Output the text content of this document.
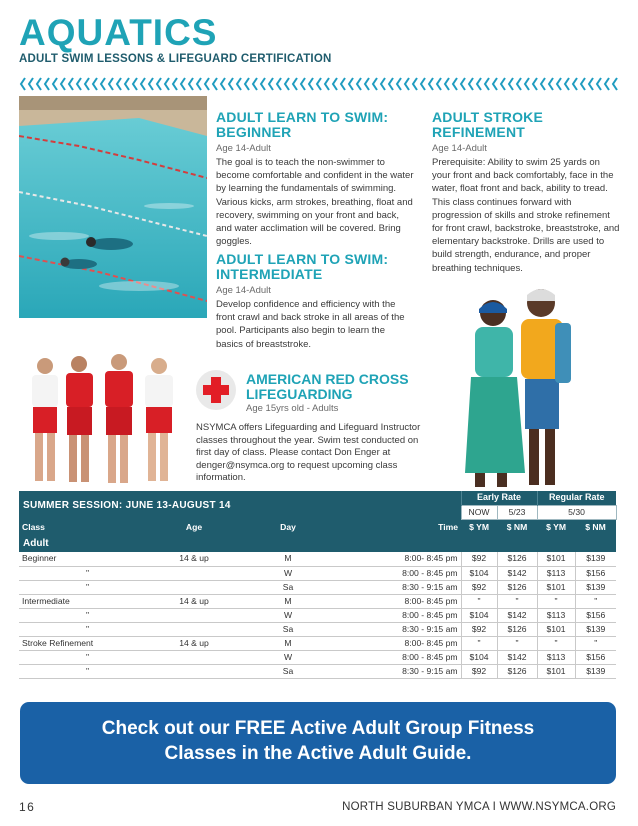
AQUATICS
ADULT SWIM LESSONS & LIFEGUARD CERTIFICATION
ADULT LEARN TO SWIM: BEGINNER
Age 14-Adult

The goal is to teach the non-swimmer to become comfortable and confident in the water by learning the fundamentals of swimming. Various kicks, arm strokes, breathing, float and recovery, swimming on your front and back, and water acclimation will be covered. Bring goggles.

ADULT LEARN TO SWIM: INTERMEDIATE
Age 14-Adult

Develop confidence and efficiency with the front crawl and back stroke in all areas of the pool. Participants also begin to learn the basics of breaststroke.

ADULT STROKE REFINEMENT
Age 14-Adult

Prerequisite: Ability to swim 25 yards on your front and back comfortably, face in the water, float front and back, ability to tread. This class continues forward with progression of skills and stroke refinement for front crawl, backstroke, breaststroke, and elementary backstroke. Drills are used to build strength, endurance, and proper breathing techniques.

AMERICAN RED CROSS LIFEGUARDING
Age 15yrs old - Adults
NSYMCA offers Lifeguarding and Lifeguard Instructor classes throughout the year. Swim test conducted on first day of class. Please contact Don Enger at denger@nsymca.org to request upcoming class information.
SUMMER SESSION: JUNE 13-AUGUST 14				Early Rate		Regular Rate	
				NOW	5/23	5/30	
Class	Age	Day	Time	$ YM	$ NM	$ YM	$ NM
Adult							
Beginner	14 & up	M	8:00- 8:45 pm	$92	$126	$101	$139
"		W	8:00 - 8:45 pm	$104	$142	$113	$156
"		Sa	8:30 - 9:15 am	$92	$126	$101	$139
Intermediate	14 & up	M	8:00- 8:45 pm	"	"	"	"
"		W	8:00 - 8:45 pm	$104	$142	$113	$156
"		Sa	8:30 - 9:15 am	$92	$126	$101	$139
Stroke Refinement	14 & up	M	8:00- 8:45 pm	"	"	"	"
"		W	8:00 - 8:45 pm	$104	$142	$113	$156
"		Sa	8:30 - 9:15 am	$92	$126	$101	$139
Check out our FREE Active Adult Group Fitness
Classes in the Active Adult Guide.
16	NORTH SUBURBAN YMCA I WWW.NSYMCA.ORG
